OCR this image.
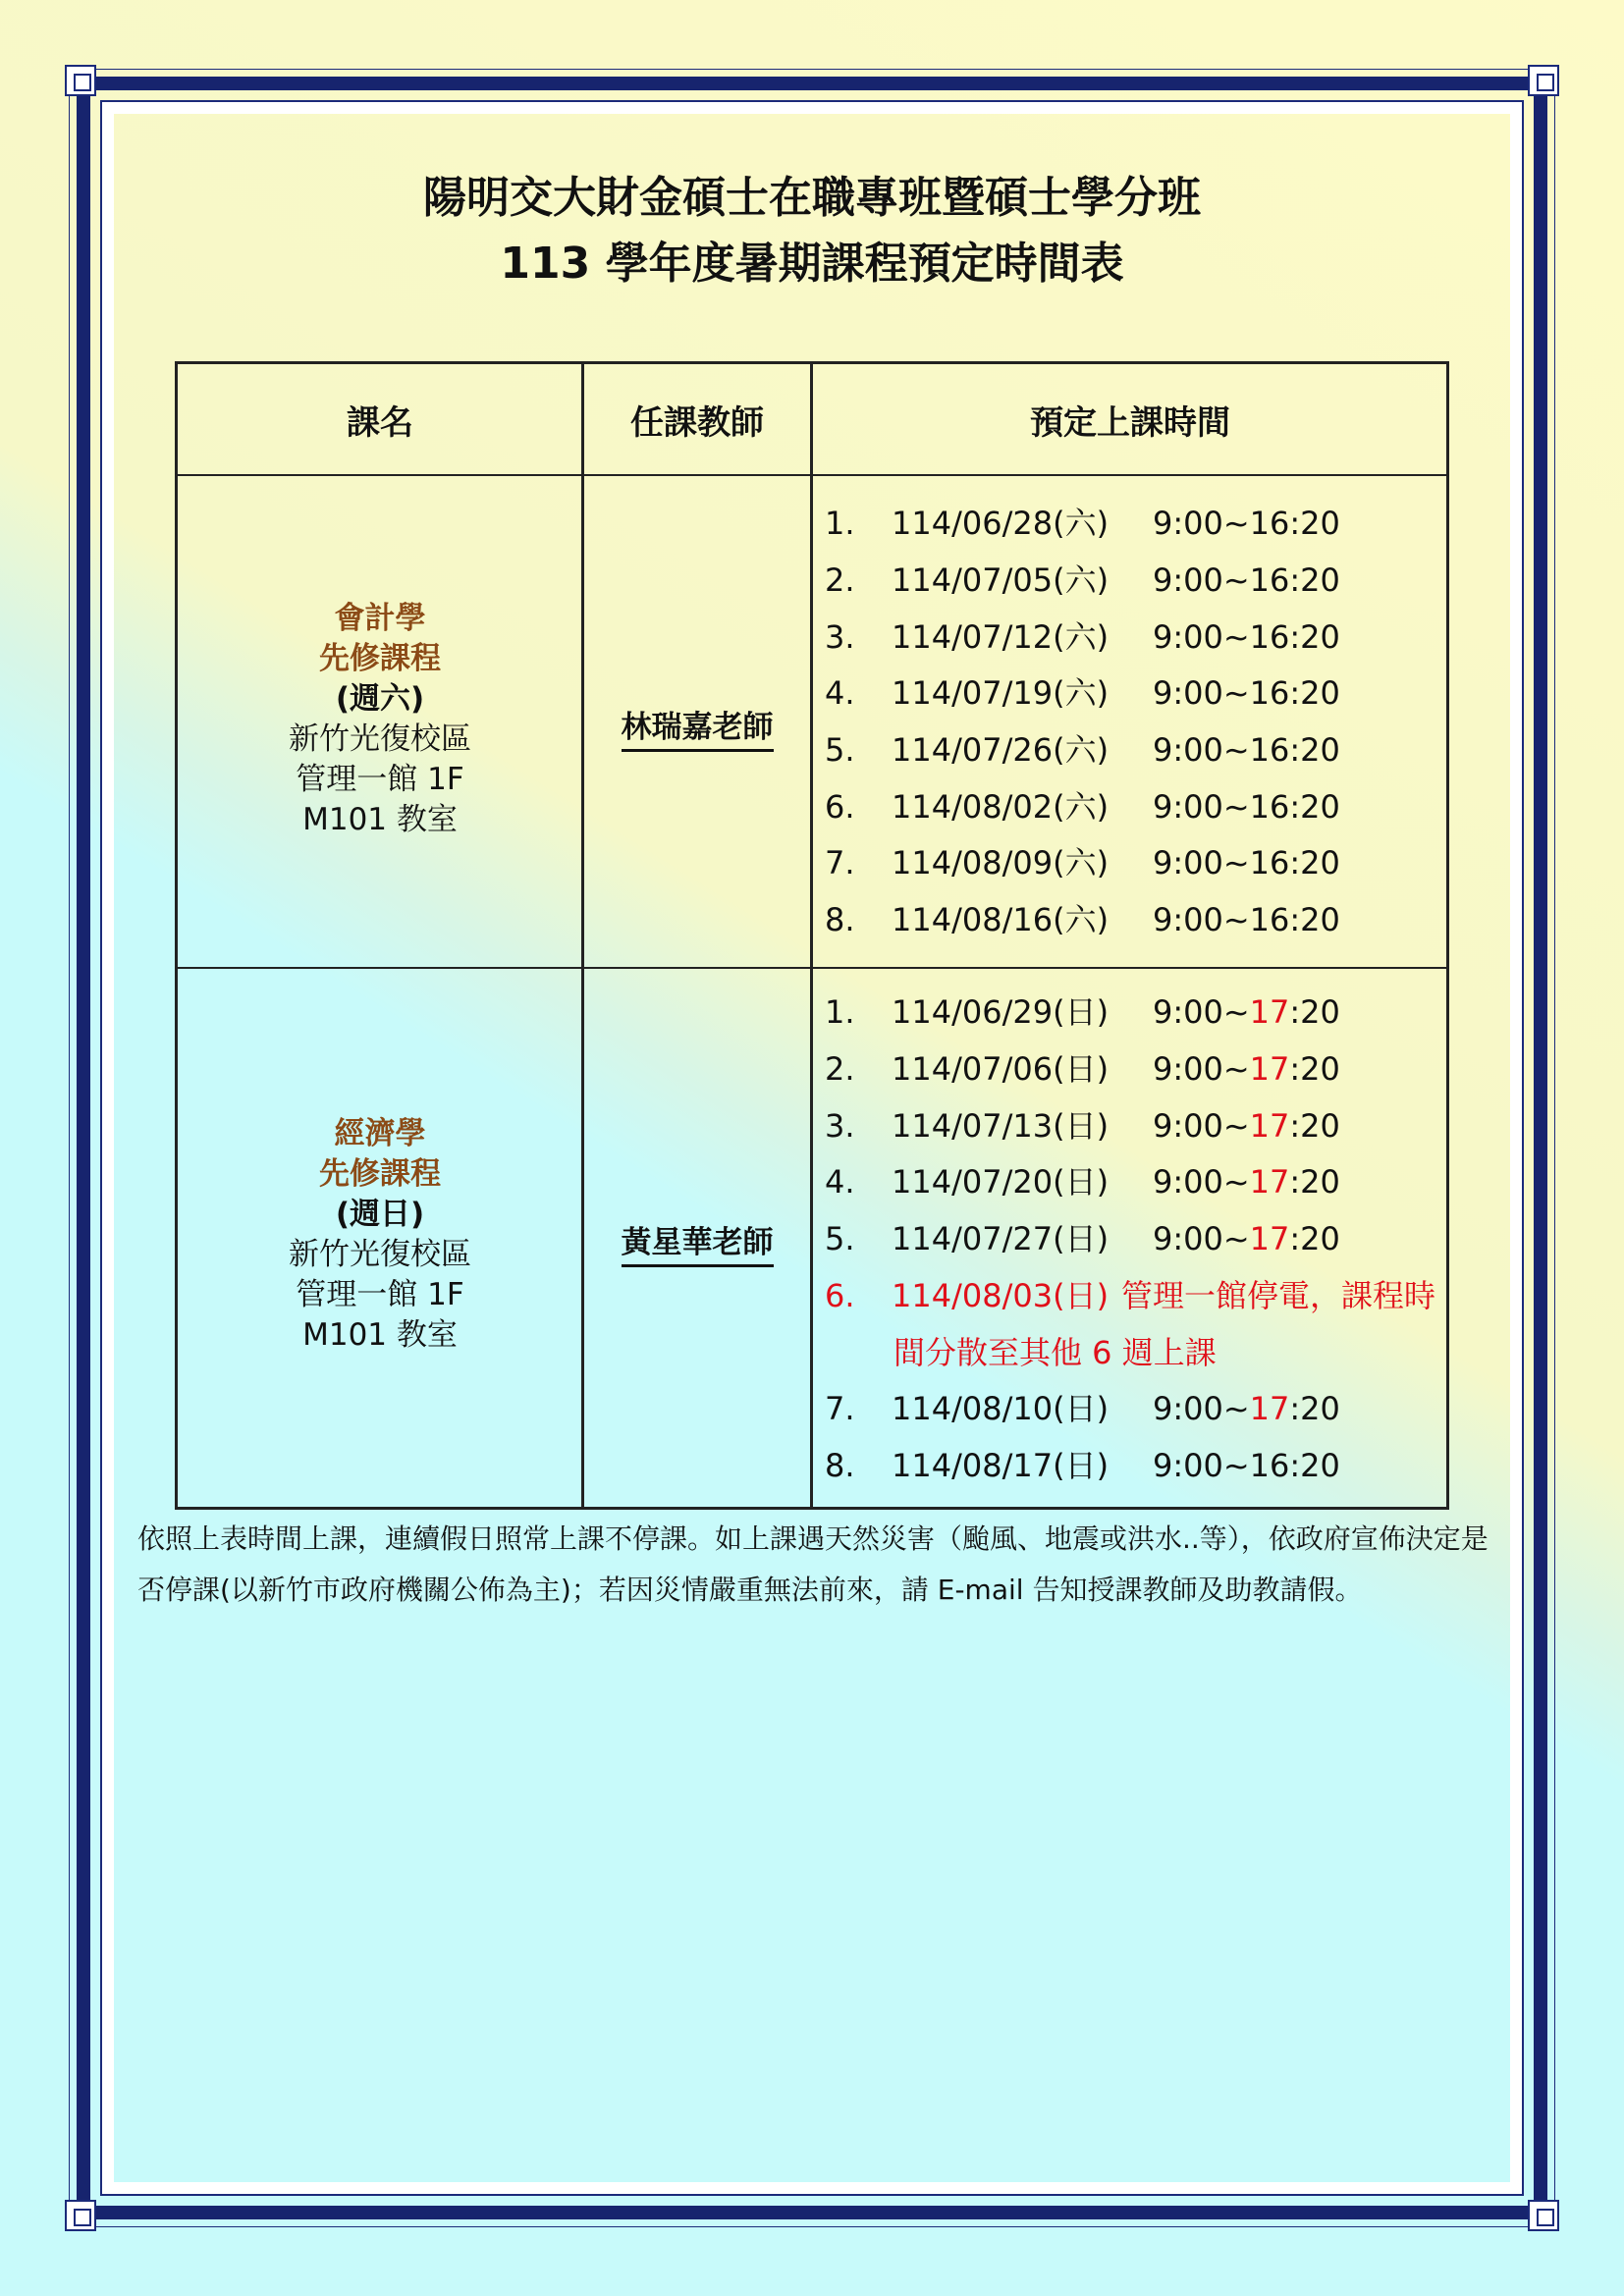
陽明交大財金碩士在職專班暨碩士學分班
113 學年度暑期課程預定時間表
課名	任課教師	預定上課時間
會計學
先修課程
(週六)
新竹光復校區
管理一館 1F
M101 教室
林瑞嘉老師
1. 114/06/28(六) 9:00~16:20
2. 114/07/05(六) 9:00~16:20
3. 114/07/12(六) 9:00~16:20
4. 114/07/19(六) 9:00~16:20
5. 114/07/26(六) 9:00~16:20
6. 114/08/02(六) 9:00~16:20
7. 114/08/09(六) 9:00~16:20
8. 114/08/16(六) 9:00~16:20
經濟學
先修課程
(週日)
新竹光復校區
管理一館 1F
M101 教室
黃星華老師
1. 114/06/29(日) 9:00~17:20
2. 114/07/06(日) 9:00~17:20
3. 114/07/13(日) 9:00~17:20
4. 114/07/20(日) 9:00~17:20
5. 114/07/27(日) 9:00~17:20
6. 114/08/03(日) 管理一館停電，課程時
間分散至其他 6 週上課
7. 114/08/10(日) 9:00~17:20
8. 114/08/17(日) 9:00~16:20
依照上表時間上課，連續假日照常上課不停課。如上課遇天然災害（颱風、地震或洪水..等），依政府宣佈決定是否停課(以新竹市政府機關公佈為主)；若因災情嚴重無法前來，請 E-mail 告知授課教師及助教請假。
